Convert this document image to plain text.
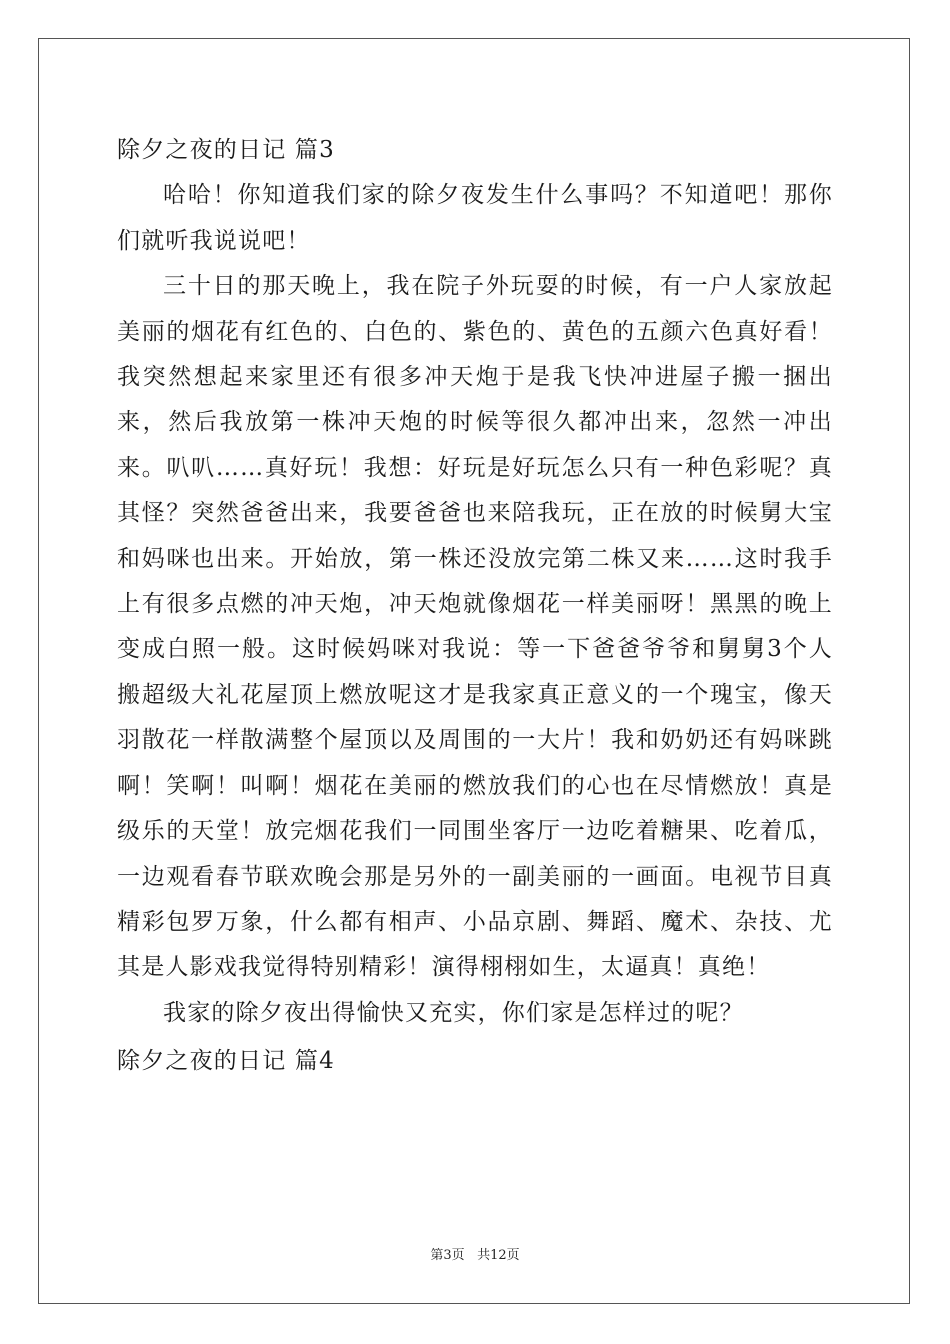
除夕之夜的日记 篇3

哈哈！你知道我们家的除夕夜发生什么事吗？不知道吧！那你们就听我说说吧！

三十日的那天晚上，我在院子外玩耍的时候，有一户人家放起美丽的烟花有红色的、白色的、紫色的、黄色的五颜六色真好看！我突然想起来家里还有很多冲天炮于是我飞快冲进屋子搬一捆出来，然后我放第一株冲天炮的时候等很久都冲出来，忽然一冲出来。叭叭……真好玩！我想：好玩是好玩怎么只有一种色彩呢？真其怪？突然爸爸出来，我要爸爸也来陪我玩，正在放的时候舅大宝和妈咪也出来。开始放，第一株还没放完第二株又来……这时我手上有很多点燃的冲天炮，冲天炮就像烟花一样美丽呀！黑黑的晚上变成白照一般。这时候妈咪对我说：等一下爸爸爷爷和舅舅3个人搬超级大礼花屋顶上燃放呢这才是我家真正意义的一个瑰宝，像天羽散花一样散满整个屋顶以及周围的一大片！我和奶奶还有妈咪跳啊！笑啊！叫啊！烟花在美丽的燃放我们的心也在尽情燃放！真是级乐的天堂！放完烟花我们一同围坐客厅一边吃着糖果、吃着瓜，一边观看春节联欢晚会那是另外的一副美丽的一画面。电视节目真精彩包罗万象，什么都有相声、小品京剧、舞蹈、魔术、杂技、尤其是人影戏我觉得特别精彩！演得栩栩如生，太逼真！真绝！

我家的除夕夜出得愉快又充实，你们家是怎样过的呢？

除夕之夜的日记 篇4
第3页 共12页
